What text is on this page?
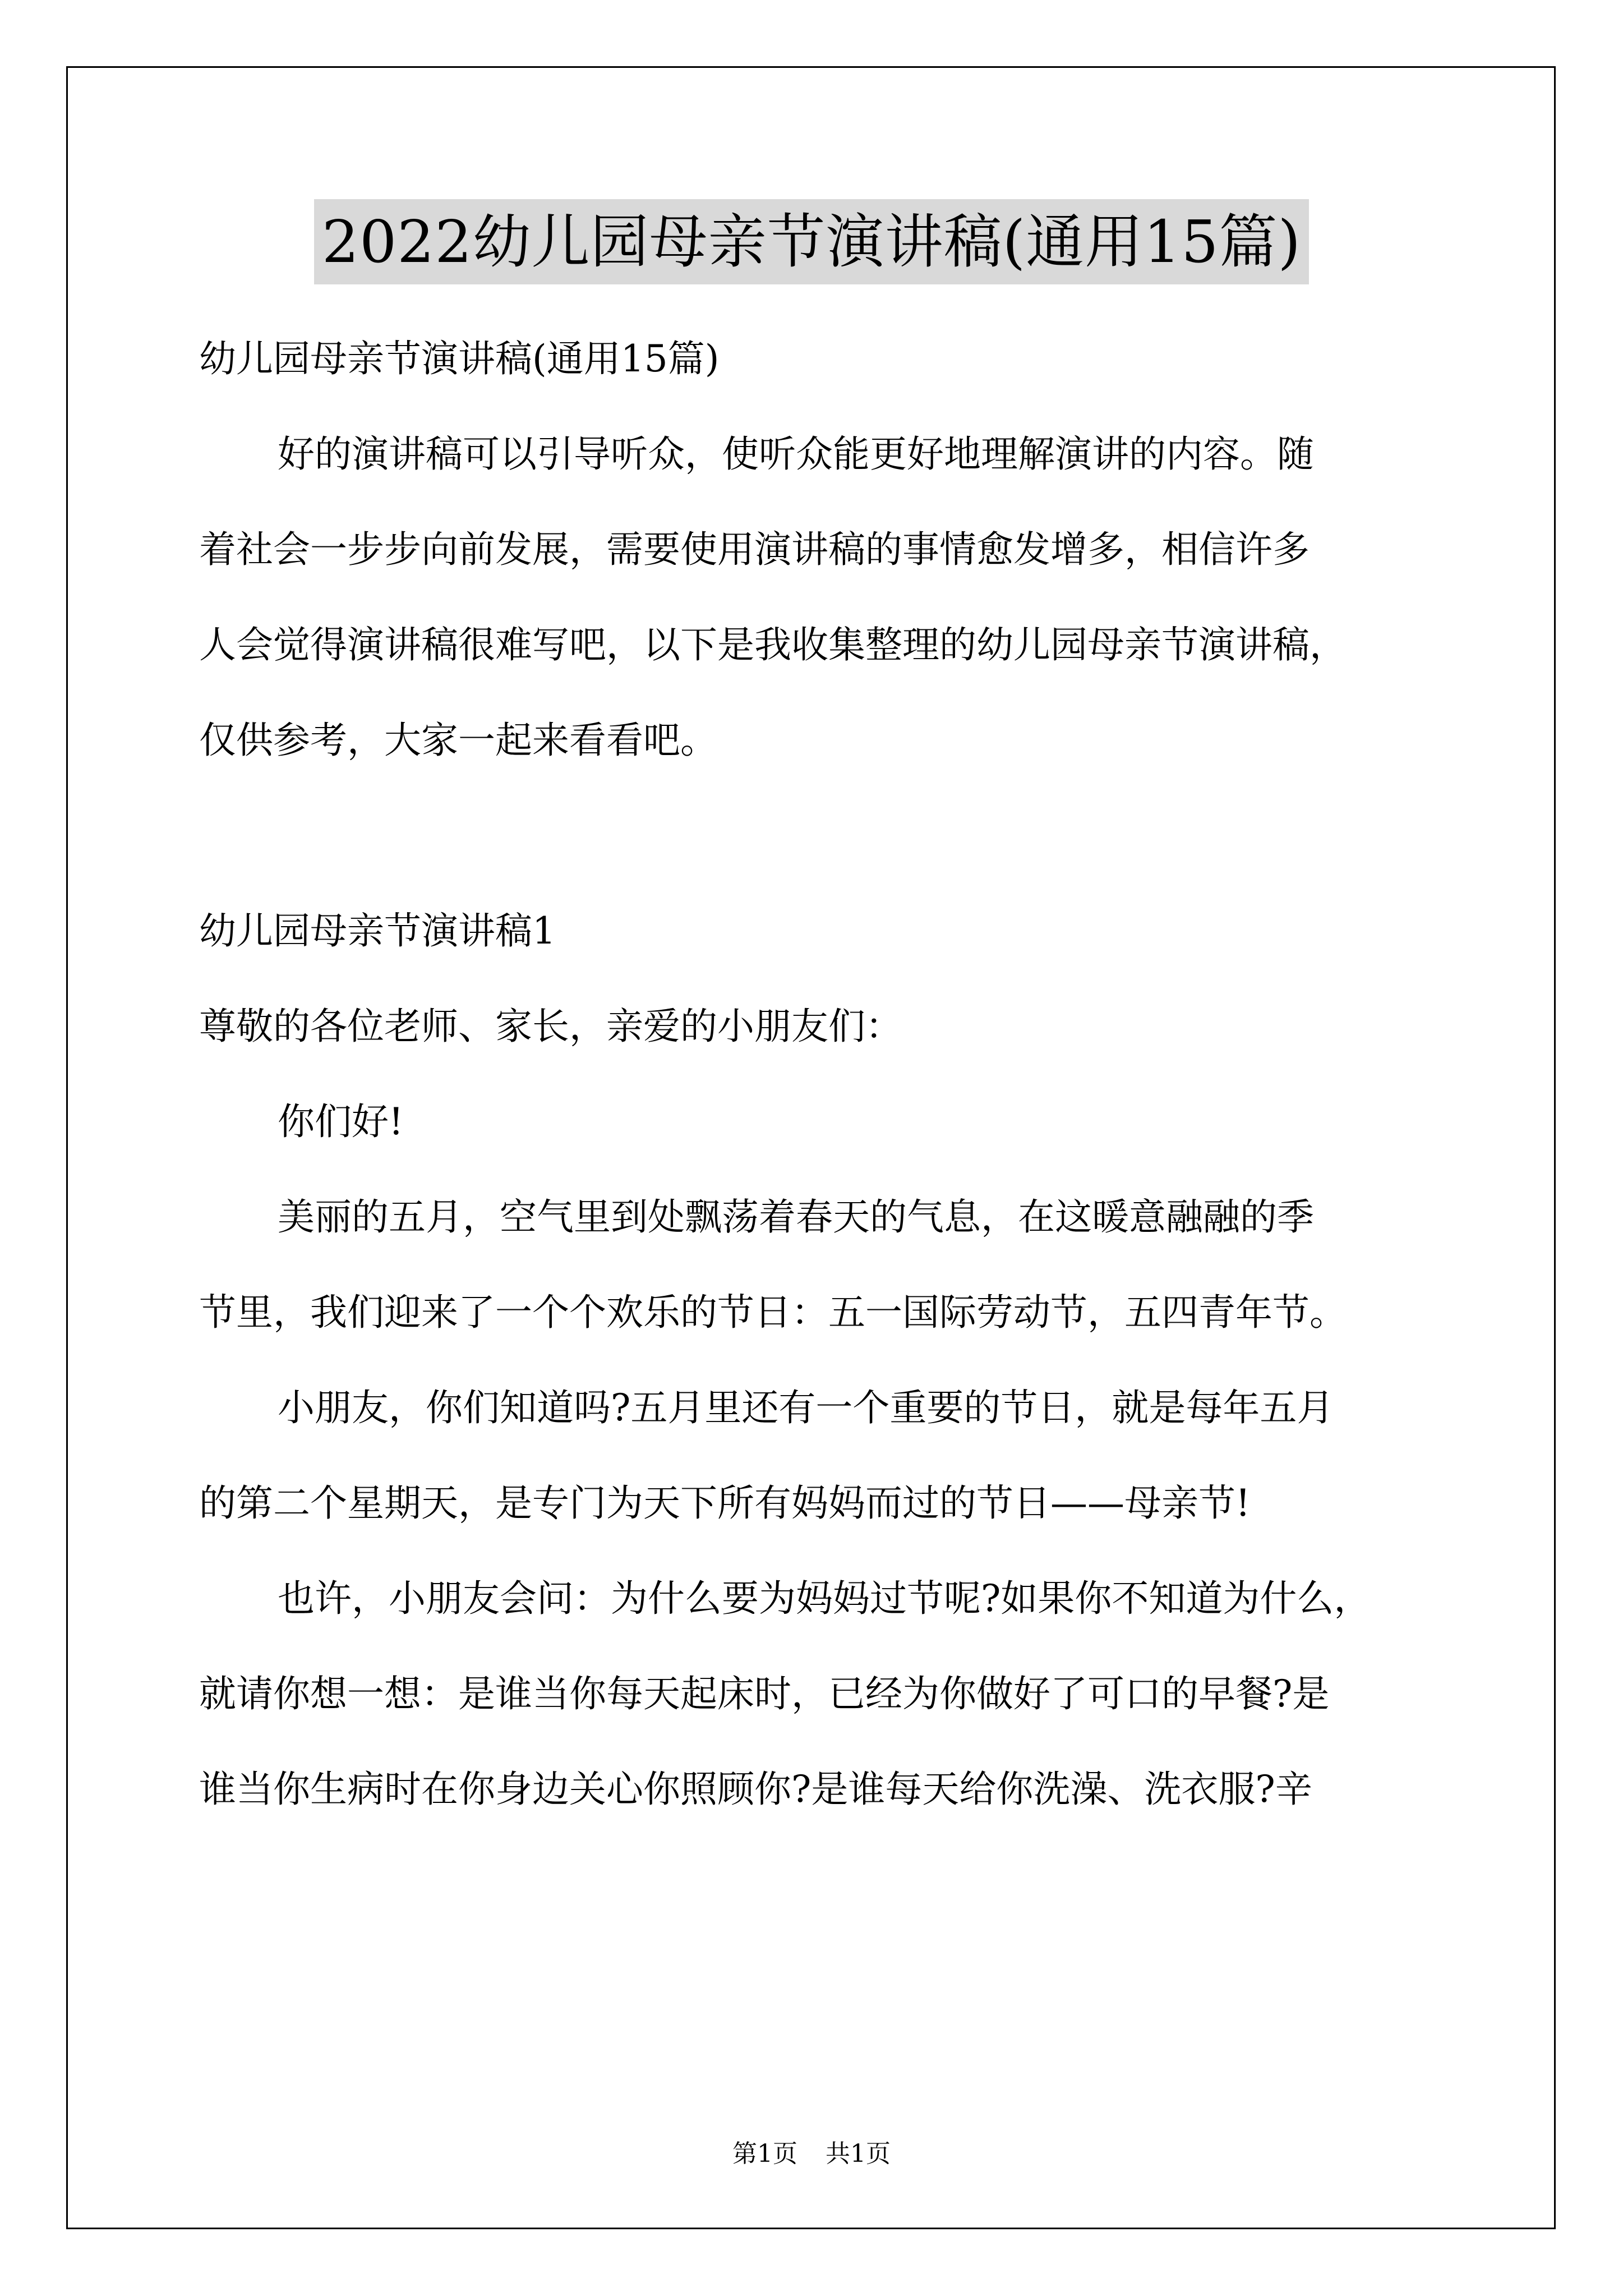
2022幼儿园母亲节演讲稿(通用15篇)

幼儿园母亲节演讲稿(通用15篇)

好的演讲稿可以引导听众，使听众能更好地理解演讲的内容。随

着社会一步步向前发展，需要使用演讲稿的事情愈发增多，相信许多

人会觉得演讲稿很难写吧，以下是我收集整理的幼儿园母亲节演讲稿，

仅供参考，大家一起来看看吧。

幼儿园母亲节演讲稿1

尊敬的各位老师、家长，亲爱的小朋友们：

你们好!

美丽的五月，空气里到处飘荡着春天的气息，在这暖意融融的季

节里，我们迎来了一个个欢乐的节日：五一国际劳动节，五四青年节。

小朋友，你们知道吗?五月里还有一个重要的节日，就是每年五月

的第二个星期天，是专门为天下所有妈妈而过的节日——母亲节!

也许，小朋友会问：为什么要为妈妈过节呢?如果你不知道为什么，

就请你想一想：是谁当你每天起床时，已经为你做好了可口的早餐?是

谁当你生病时在你身边关心你照顾你?是谁每天给你洗澡、洗衣服?辛

第1页 共1页
